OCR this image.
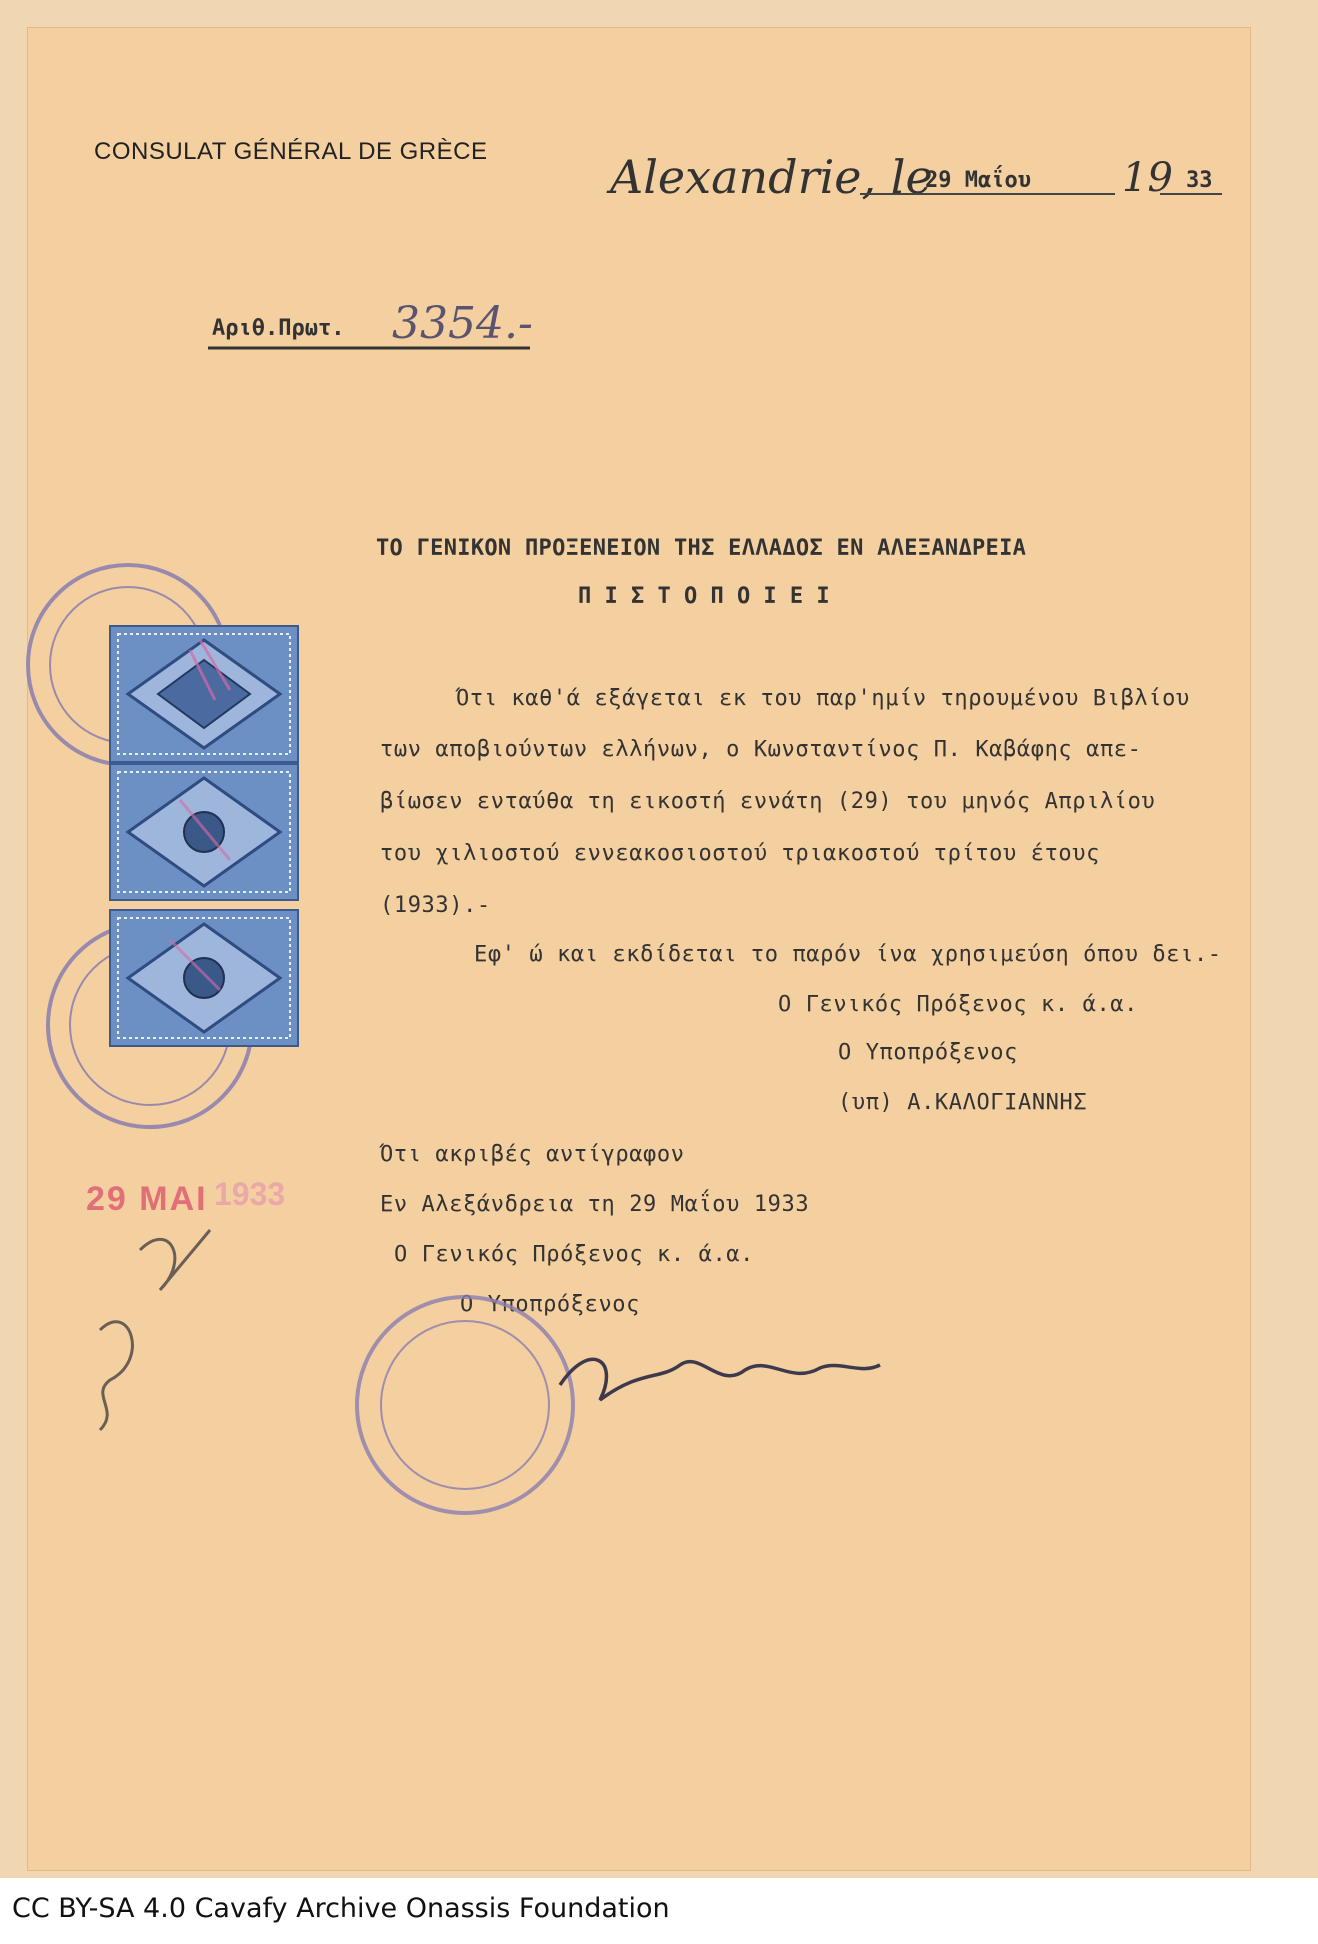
CONSULAT GÉNÉRAL DE GRÈCE	Alexandrie, le
29 Μαΐου 19 33
Αριθ.Πρωτ. 3354.-
ΤΟ ΓΕΝΙΚΟΝ ΠΡΟΞΕΝΕΙΟΝ ΤΗΣ ΕΛΛΑΔΟΣ ΕΝ ΑΛΕΞΑΝΔΡΕΙΑ
Π Ι Σ Τ Ο Π Ο Ι Ε Ι
Ότι καθ'ά εξάγεται εκ του παρ'ημίν τηρουμένου Βιβλίου
των αποβιούντων ελλήνων, ο Κωνσταντίνος Π. Καβάφης απε-
βίωσεν ενταύθα τη εικοστή εννάτη (29) του μηνός Απριλίου
του χιλιοστού εννεακοσιοστού τριακοστού τρίτου έτους
(1933).-
Εφ' ώ και εκδίδεται το παρόν ίνα χρησιμεύση όπου δει.-
Ο Γενικός Πρόξενος κ. ά.α.
Ο Υποπρόξενος
(υπ) Α.ΚΑΛΟΓΙΑΝΝΗΣ
Ότι ακριβές αντίγραφον
Εν Αλεξάνδρεια τη 29 Μαΐου 1933
Ο Γενικός Πρόξενος κ. ά.α.
Ο Υποπρόξενος
29 ΜΑΙ 1933
CC BY-SA 4.0 Cavafy Archive Onassis Foundation
